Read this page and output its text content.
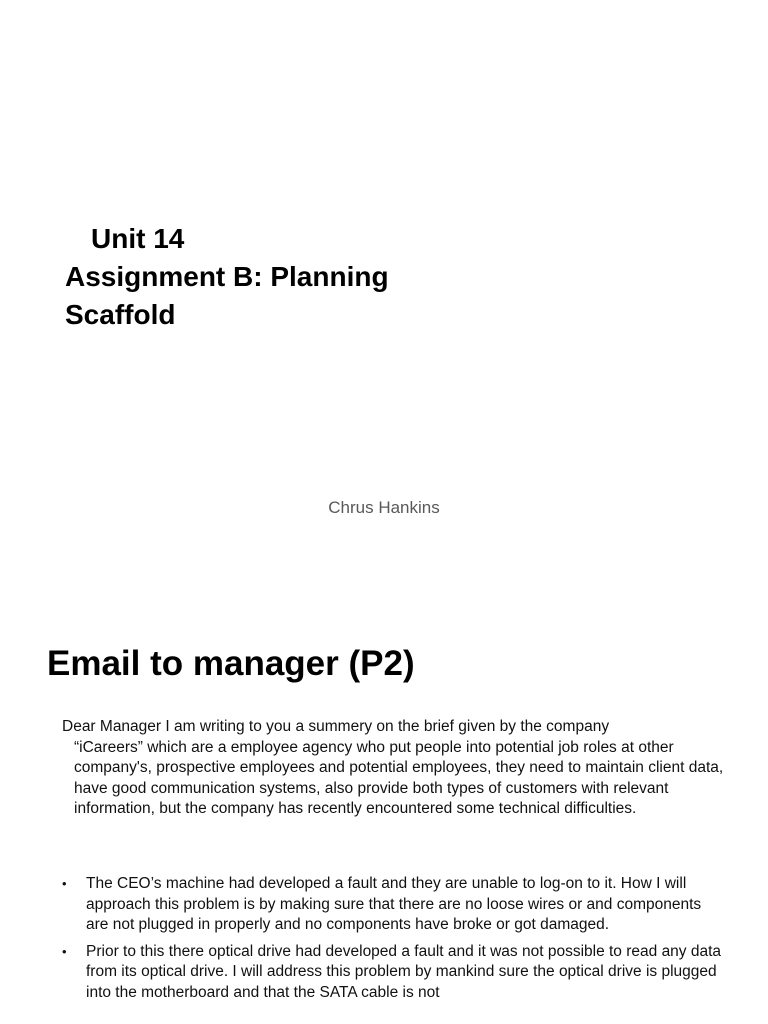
Unit 14
Assignment B: Planning
Scaffold
Chrus Hankins
Email to manager (P2)
Dear Manager I am writing to you a summery on the brief given by the company
“iCareers” which are a employee agency who put people into potential job roles at other company's, prospective employees and potential employees, they need to maintain client data, have good communication systems, also provide both types of customers with relevant information, but the company has recently encountered some technical difficulties.
• The CEO’s machine had developed a fault and they are unable to log-on to it. How I will approach this problem is by making sure that there are no loose wires or and components are not plugged in properly and no components have broke or got damaged.
• Prior to this there optical drive had developed a fault and it was not possible to read any data from its optical drive. I will address this problem by mankind sure the optical drive is plugged into the motherboard and that the SATA cable is not
